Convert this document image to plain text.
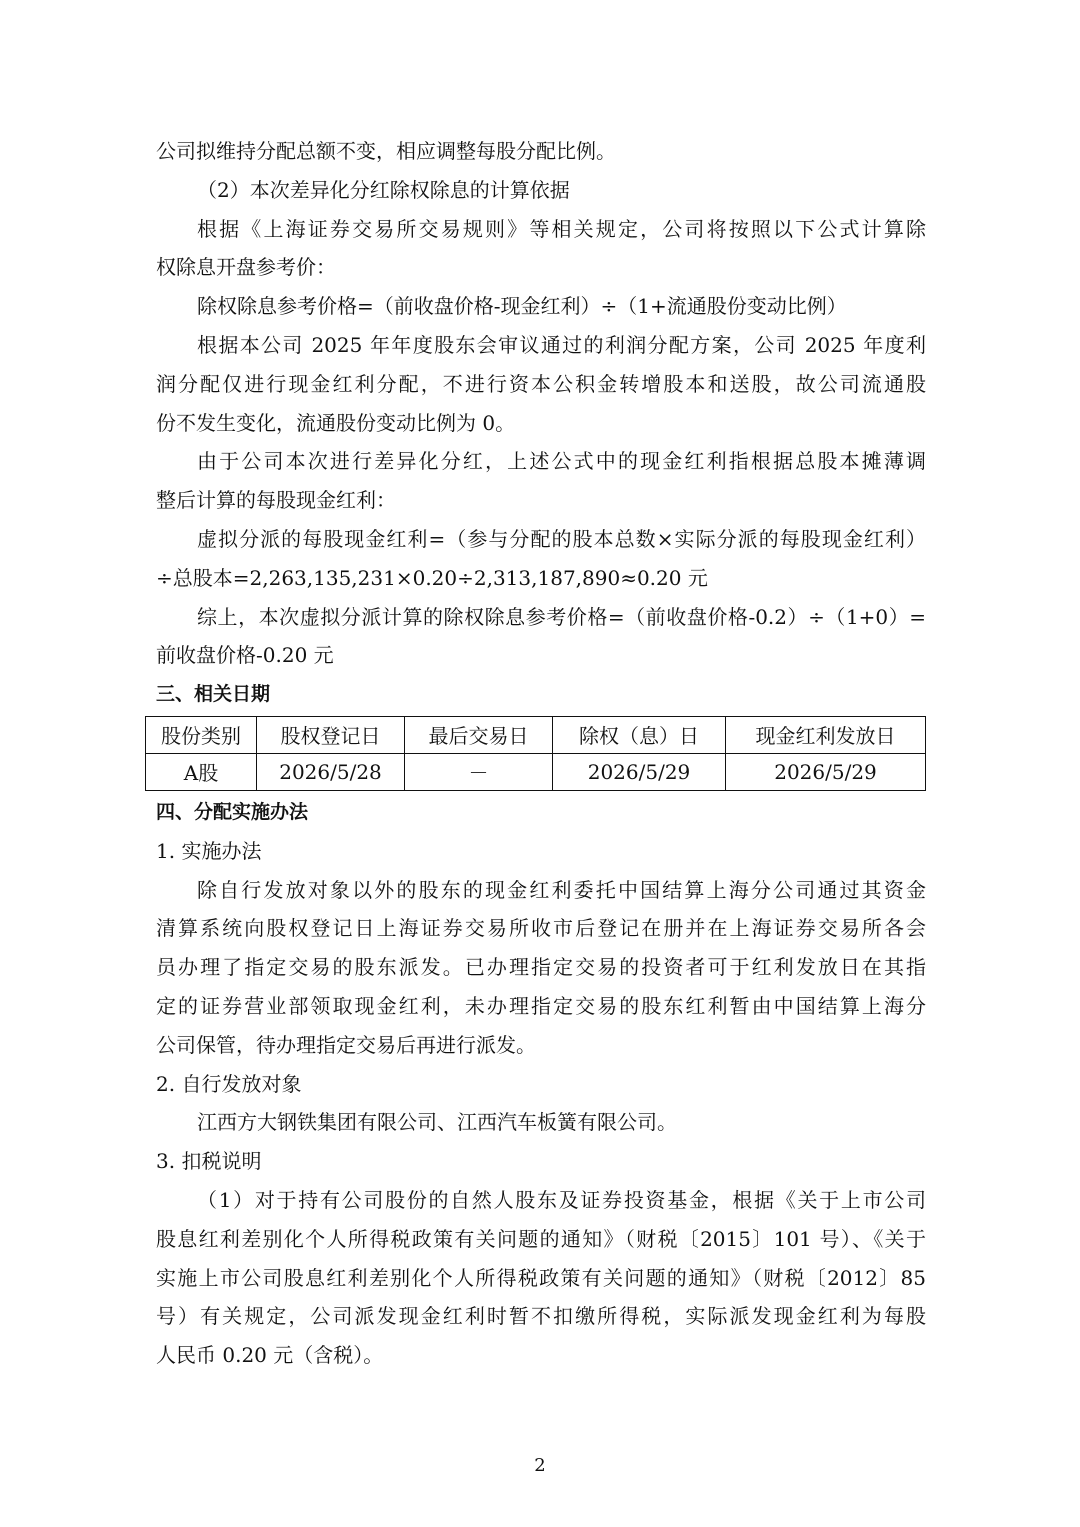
公司拟维持分配总额不变，相应调整每股分配比例。
（2）本次差异化分红除权除息的计算依据
根据《上海证券交易所交易规则》等相关规定，公司将按照以下公式计算除
权除息开盘参考价：
除权除息参考价格=（前收盘价格-现金红利）÷（1+流通股份变动比例）
根据本公司 2025 年年度股东会审议通过的利润分配方案，公司 2025 年度利
润分配仅进行现金红利分配，不进行资本公积金转增股本和送股，故公司流通股
份不发生变化，流通股份变动比例为 0。
由于公司本次进行差异化分红，上述公式中的现金红利指根据总股本摊薄调
整后计算的每股现金红利：
虚拟分派的每股现金红利=（参与分配的股本总数×实际分派的每股现金红利）
÷总股本=2,263,135,231×0.20÷2,313,187,890≈0.20 元
综上，本次虚拟分派计算的除权除息参考价格=（前收盘价格-0.2）÷（1+0）=
前收盘价格-0.20 元
三、相关日期
股份类别	股权登记日	最后交易日	除权（息）日	现金红利发放日
A股	2026/5/28	－	2026/5/29	2026/5/29
四、分配实施办法
1. 实施办法
除自行发放对象以外的股东的现金红利委托中国结算上海分公司通过其资金
清算系统向股权登记日上海证券交易所收市后登记在册并在上海证券交易所各会
员办理了指定交易的股东派发。已办理指定交易的投资者可于红利发放日在其指
定的证券营业部领取现金红利，未办理指定交易的股东红利暂由中国结算上海分
公司保管，待办理指定交易后再进行派发。
2. 自行发放对象
江西方大钢铁集团有限公司、江西汽车板簧有限公司。
3. 扣税说明
（1）对于持有公司股份的自然人股东及证券投资基金，根据《关于上市公司
股息红利差别化个人所得税政策有关问题的通知》（财税〔2015〕101 号）、《关于
实施上市公司股息红利差别化个人所得税政策有关问题的通知》（财税〔2012〕85
号）有关规定，公司派发现金红利时暂不扣缴所得税，实际派发现金红利为每股
人民币 0.20 元（含税）。
2
